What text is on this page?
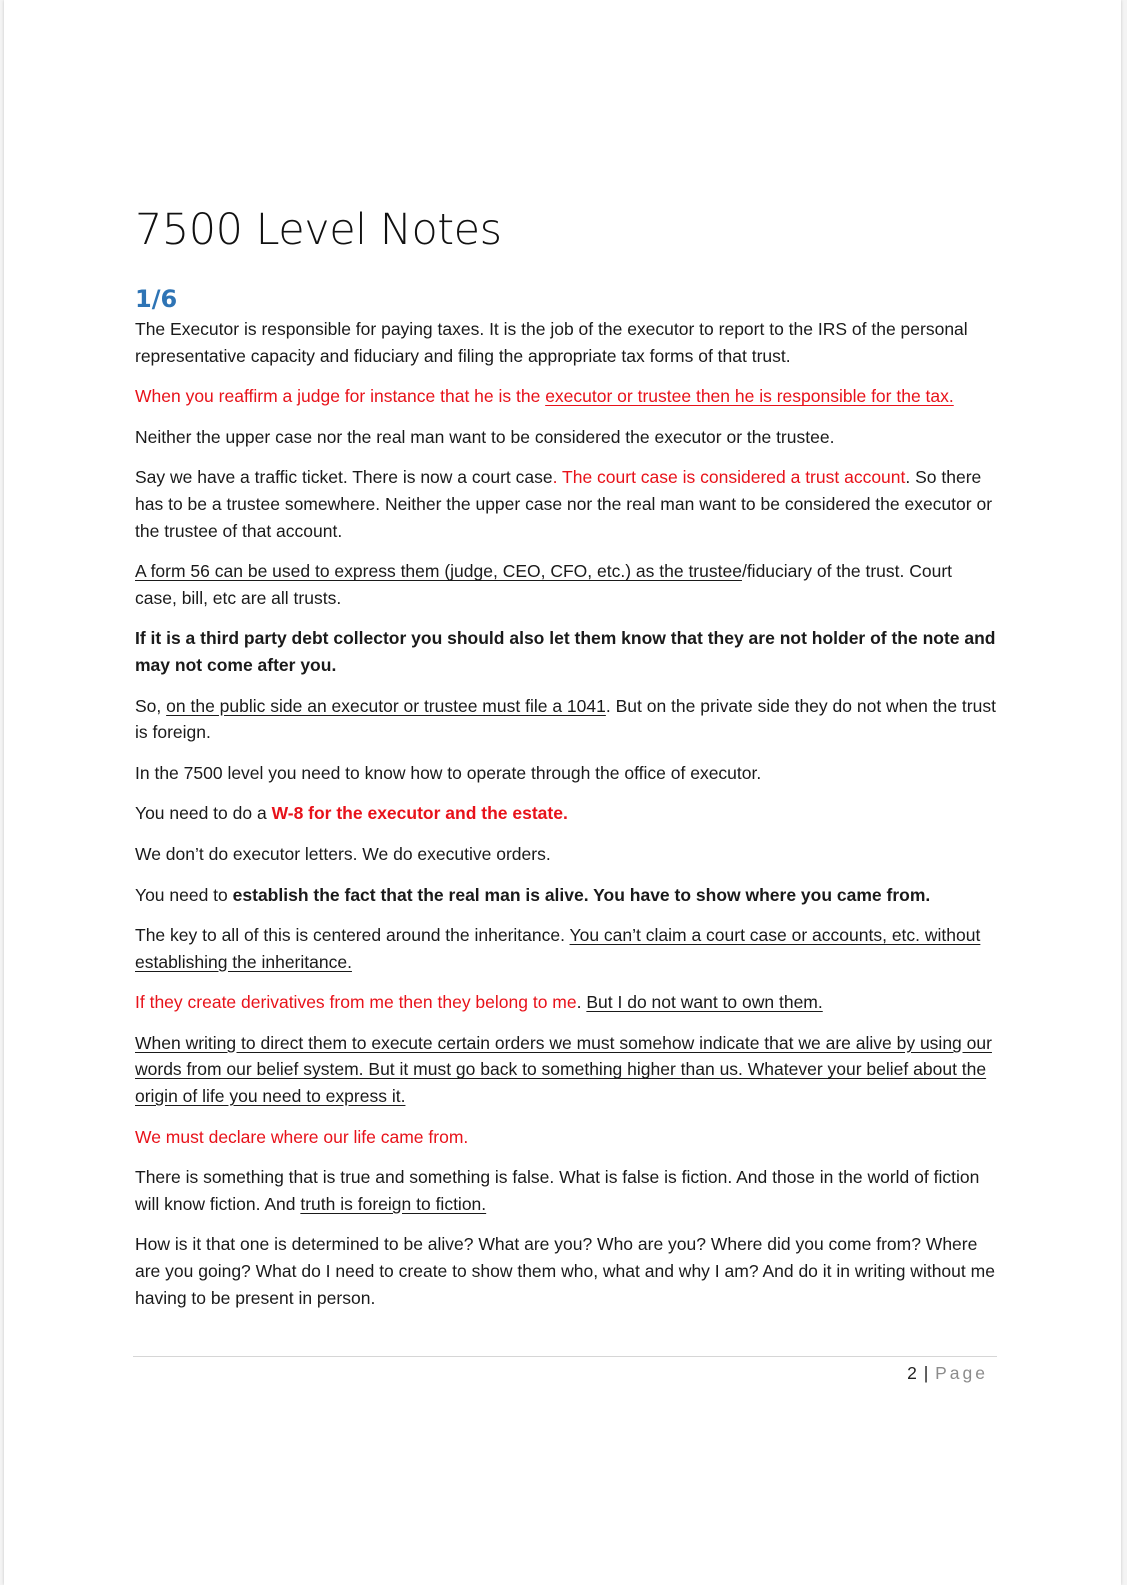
7500 Level Notes
1/6

The Executor is responsible for paying taxes. It is the job of the executor to report to the IRS of the personal representative capacity and fiduciary and filing the appropriate tax forms of that trust.

When you reaffirm a judge for instance that he is the executor or trustee then he is responsible for the tax.

Neither the upper case nor the real man want to be considered the executor or the trustee.

Say we have a traffic ticket. There is now a court case. The court case is considered a trust account. So there has to be a trustee somewhere. Neither the upper case nor the real man want to be considered the executor or the trustee of that account.

A form 56 can be used to express them (judge, CEO, CFO, etc.) as the trustee/fiduciary of the trust. Court case, bill, etc are all trusts.

If it is a third party debt collector you should also let them know that they are not holder of the note and may not come after you.

So, on the public side an executor or trustee must file a 1041. But on the private side they do not when the trust is foreign.

In the 7500 level you need to know how to operate through the office of executor.

You need to do a W-8 for the executor and the estate.

We don’t do executor letters. We do executive orders.

You need to establish the fact that the real man is alive. You have to show where you came from.

The key to all of this is centered around the inheritance. You can’t claim a court case or accounts, etc. without establishing the inheritance.

If they create derivatives from me then they belong to me. But I do not want to own them.

When writing to direct them to execute certain orders we must somehow indicate that we are alive by using our words from our belief system. But it must go back to something higher than us. Whatever your belief about the origin of life you need to express it.

We must declare where our life came from.

There is something that is true and something is false. What is false is fiction. And those in the world of fiction will know fiction. And truth is foreign to fiction.

How is it that one is determined to be alive? What are you? Who are you? Where did you come from? Where are you going? What do I need to create to show them who, what and why I am? And do it in writing without me having to be present in person.

2 | Page
